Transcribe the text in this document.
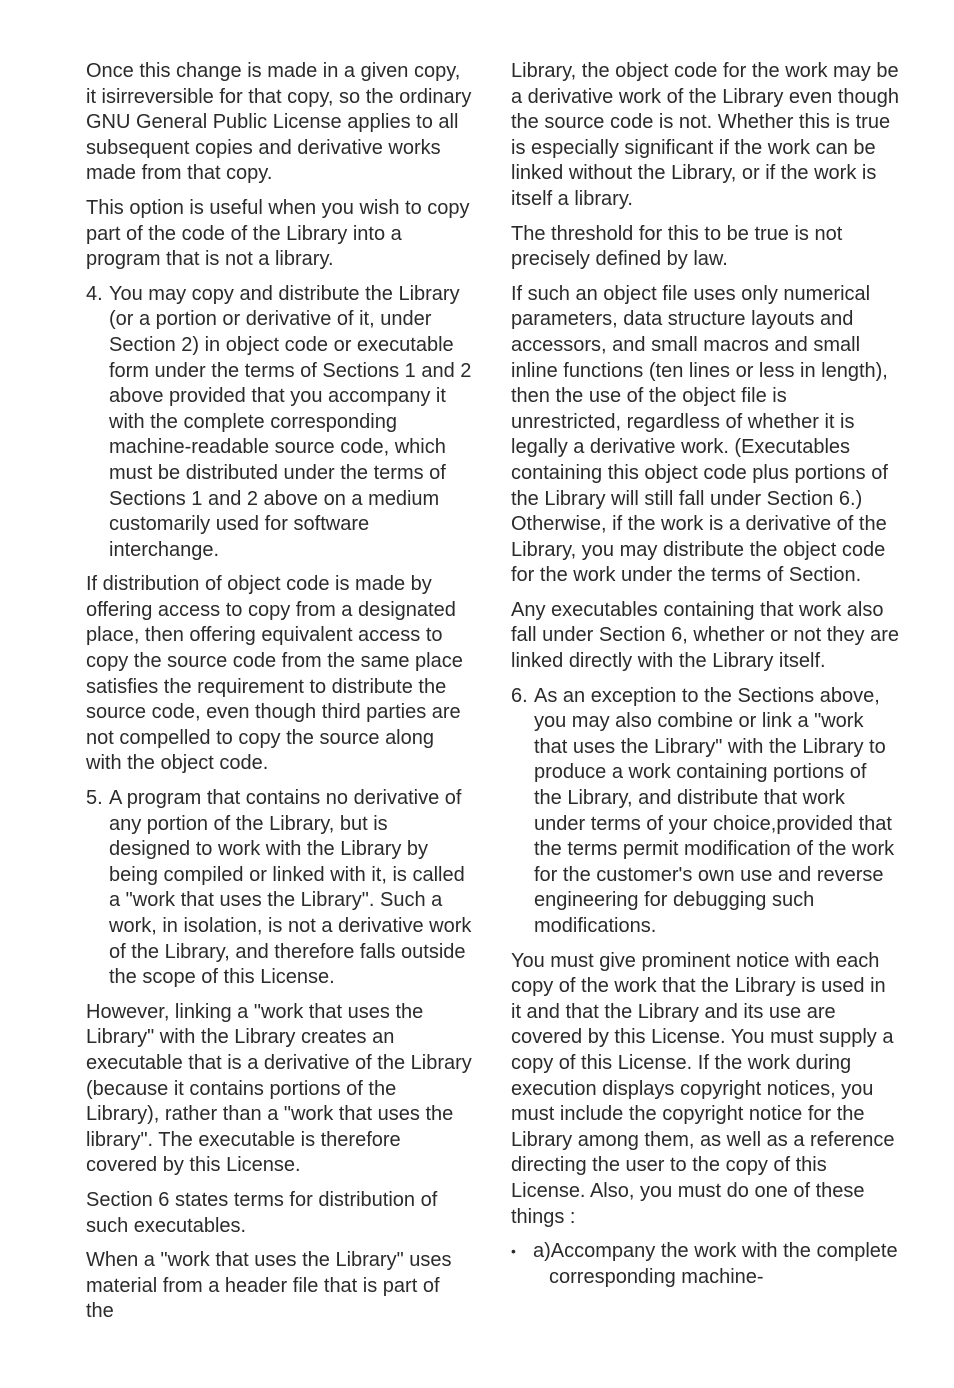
Once this change is made in a given copy, it isirreversible for that copy, so the ordinary GNU General Public License applies to all subsequent copies and derivative works made from that copy.

This option is useful when you wish to copy part of the code of the Library into a program that is not a library.

4. You may copy and distribute the Library (or a portion or derivative of it, under Section 2) in object code or executable form under the terms of Sections 1 and 2 above provided that you accompany it with the complete corresponding machine-readable source code, which must be distributed under the terms of Sections 1 and 2 above on a medium customarily used for software interchange.

If distribution of object code is made by offering access to copy from a designated place, then offering equivalent access to copy the source code from the same place satisfies the requirement to distribute the source code, even though third parties are not compelled to copy the source along with the object code.

5. A program that contains no derivative of any portion of the Library, but is designed to work with the Library by being compiled or linked with it, is called a "work that uses the Library". Such a work, in isolation, is not a derivative work of the Library, and therefore falls outside the scope of this License.

However, linking a "work that uses the Library" with the Library creates an executable that is a derivative of the Library (because it contains portions of the Library), rather than a "work that uses the library". The executable is therefore covered by this License.

Section 6 states terms for distribution of such executables.

When a "work that uses the Library" uses material from a header file that is part of the

Library, the object code for the work may be a derivative work of the Library even though the source code is not. Whether this is true is especially significant if the work can be linked without the Library, or if the work is itself a library.

The threshold for this to be true is not precisely defined by law.

If such an object file uses only numerical parameters, data structure layouts and accessors, and small macros and small inline functions (ten lines or less in length), then the use of the object file is unrestricted, regardless of whether it is legally a derivative work. (Executables containing this object code plus portions of the Library will still fall under Section 6.) Otherwise, if the work is a derivative of the Library, you may distribute the object code for the work under the terms of Section.

Any executables containing that work also fall under Section 6, whether or not they are linked directly with the Library itself.

6. As an exception to the Sections above, you may also combine or link a "work that uses the Library" with the Library to produce a work containing portions of the Library, and distribute that work under terms of your choice,provided that the terms permit modification of the work for the customer's own use and reverse engineering for debugging such modifications.

You must give prominent notice with each copy of the work that the Library is used in it and that the Library and its use are covered by this License. You must supply a copy of this License. If the work during execution displays copyright notices, you must include the copyright notice for the Library among them, as well as a reference directing the user to the copy of this License. Also, you must do one of these things :

• a)Accompany the work with the complete corresponding machine-
